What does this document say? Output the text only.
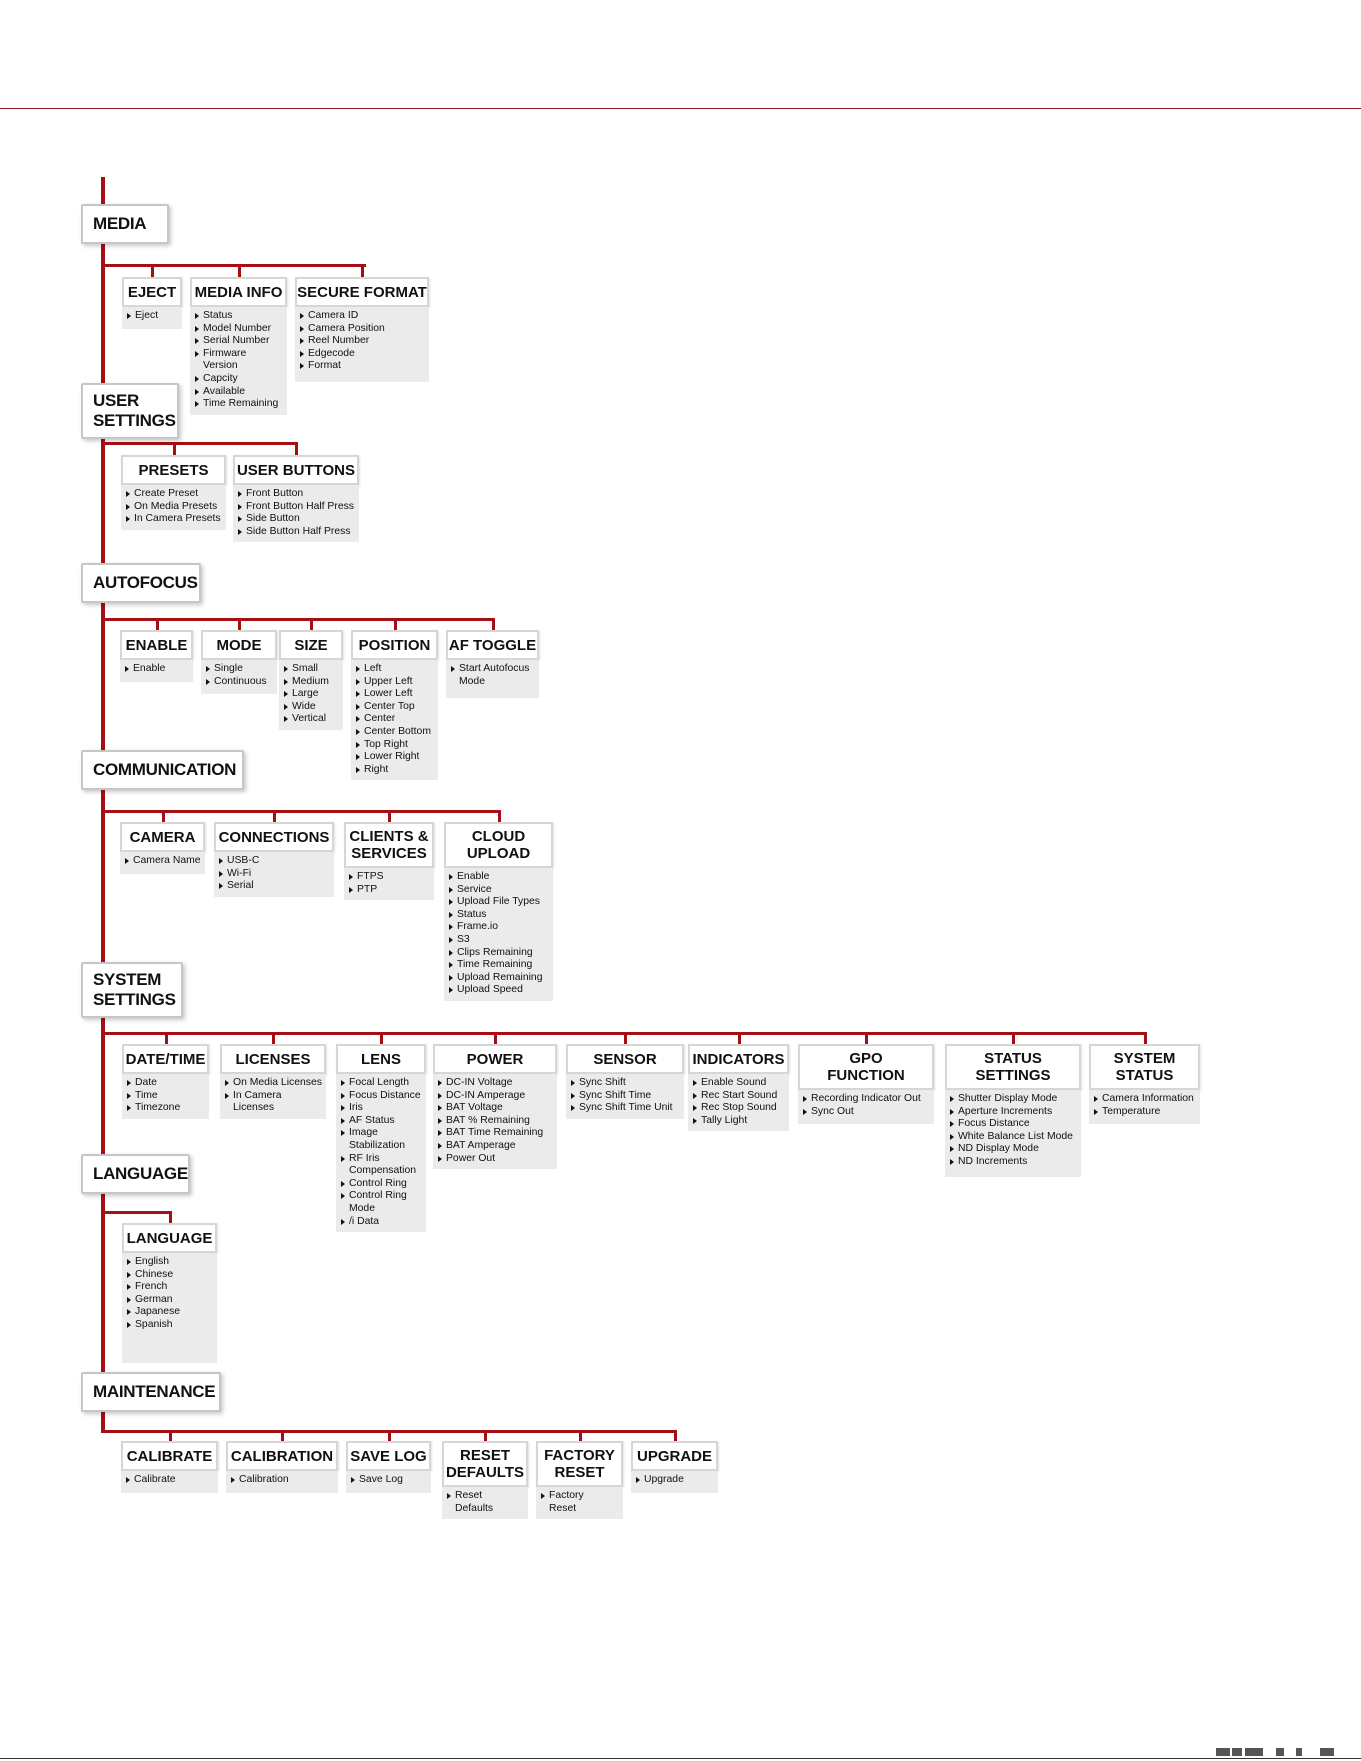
EJECT
Eject
MEDIA INFO
Status
Model Number
Serial Number
Firmware Version
Capcity
Available
Time Remaining
SECURE FORMAT
Camera ID
Camera Position
Reel Number
Edgecode
Format
MEDIA
PRESETS
Create Preset
On Media Presets
In Camera Presets
USER BUTTONS
Front Button
Front Button Half Press
Side Button
Side Button Half Press
USER
SETTINGS
ENABLE
Enable
MODE
Single
Continuous
SIZE
Small
Medium
Large
Wide
Vertical
POSITION
Left
Upper Left
Lower Left
Center Top
Center
Center Bottom
Top Right
Lower Right
Right
AF TOGGLE
Start Autofocus
Mode
AUTOFOCUS
CAMERA
Camera Name
CONNECTIONS
USB-C
Wi-Fi
Serial
CLIENTS &
SERVICES
FTPS
PTP
CLOUD
UPLOAD
Enable
Service
Upload File Types
Status
Frame.io
S3
Clips Remaining
Time Remaining
Upload Remaining
Upload Speed
COMMUNICATION
DATE/TIME
Date
Time
Timezone
LICENSES
On Media Licenses
In Camera Licenses
LENS
Focal Length
Focus Distance
Iris
AF Status
Image
Stabilization
RF Iris
Compensation
Control Ring
Control Ring
Mode
/i Data
POWER
DC-IN Voltage
DC-IN Amperage
BAT Voltage
BAT % Remaining
BAT Time Remaining
BAT Amperage
Power Out
SENSOR
Sync Shift
Sync Shift Time
Sync Shift Time Unit
INDICATORS
Enable Sound
Rec Start Sound
Rec Stop Sound
Tally Light
GPO
FUNCTION
Recording Indicator Out
Sync Out
STATUS
SETTINGS
Shutter Display Mode
Aperture Increments
Focus Distance
White Balance List Mode
ND Display Mode
ND Increments
SYSTEM
STATUS
Camera Information
Temperature
SYSTEM
SETTINGS
LANGUAGE
English
Chinese
French
German
Japanese
Spanish
LANGUAGE
CALIBRATE
Calibrate
CALIBRATION
Calibration
SAVE LOG
Save Log
RESET
DEFAULTS
Reset
Defaults
FACTORY
RESET
Factory
Reset
UPGRADE
Upgrade
MAINTENANCE
